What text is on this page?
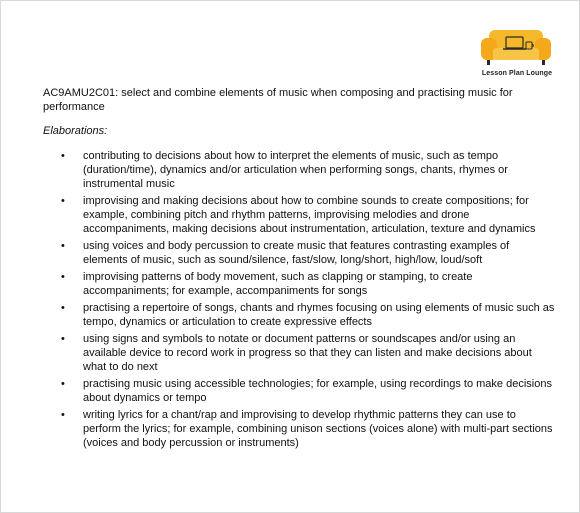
Lesson Plan Lounge

AC9AMU2C01: select and combine elements of music when composing and practising music for performance

Elaborations:

• contributing to decisions about how to interpret the elements of music, such as tempo (duration/time), dynamics and/or articulation when performing songs, chants, rhymes or instrumental music
• improvising and making decisions about how to combine sounds to create compositions; for example, combining pitch and rhythm patterns, improvising melodies and drone accompaniments, making decisions about instrumentation, articulation, texture and dynamics
• using voices and body percussion to create music that features contrasting examples of elements of music, such as sound/silence, fast/slow, long/short, high/low, loud/soft
• improvising patterns of body movement, such as clapping or stamping, to create accompaniments; for example, accompaniments for songs
• practising a repertoire of songs, chants and rhymes focusing on using elements of music such as tempo, dynamics or articulation to create expressive effects
• using signs and symbols to notate or document patterns or soundscapes and/or using an available device to record work in progress so that they can listen and make decisions about what to do next
• practising music using accessible technologies; for example, using recordings to make decisions about dynamics or tempo
• writing lyrics for a chant/rap and improvising to develop rhythmic patterns they can use to perform the lyrics; for example, combining unison sections (voices alone) with multi-part sections (voices and body percussion or instruments)
